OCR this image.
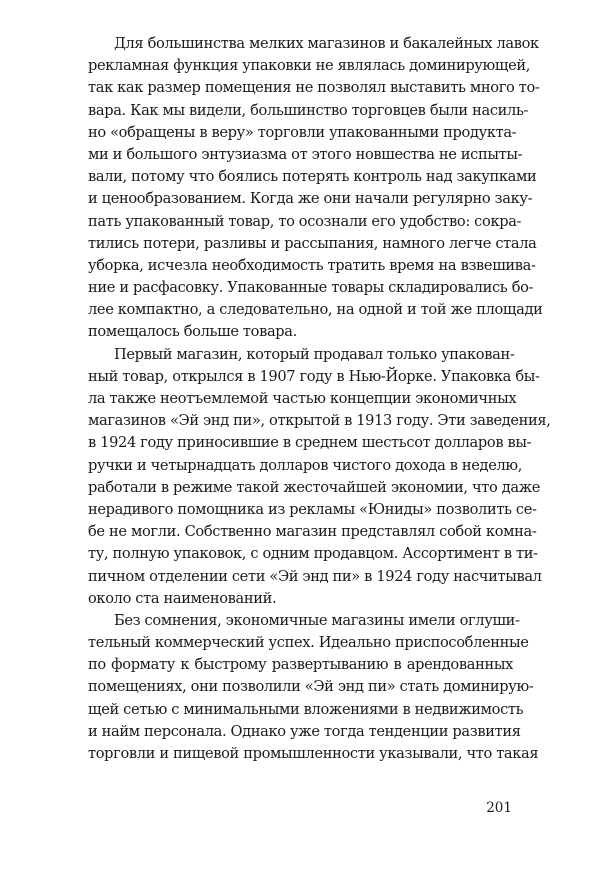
Для большинства мелких магазинов и бакалейных лавок
рекламная функция упаковки не являлась доминирующей,
так как размер помещения не позволял выставить много то-
вара. Как мы видели, большинство торговцев были насиль-
но «обращены в веру» торговли упакованными продукта-
ми и большого энтузиазма от этого новшества не испыты-
вали, потому что боялись потерять контроль над закупками
и ценообразованием. Когда же они начали регулярно заку-
пать упакованный товар, то осознали его удобство: сокра-
тились потери, разливы и рассыпания, намного легче стала
уборка, исчезла необходимость тратить время на взвешива-
ние и расфасовку. Упакованные товары складировались бо-
лее компактно, а следовательно, на одной и той же площади
помещалось больше товара.
Первый магазин, который продавал только упакован-
ный товар, открылся в 1907 году в Нью-Йорке. Упаковка бы-
ла также неотъемлемой частью концепции экономичных
магазинов «Эй энд пи», открытой в 1913 году. Эти заведения,
в 1924 году приносившие в среднем шестьсот долларов вы-
ручки и четырнадцать долларов чистого дохода в неделю,
работали в режиме такой жесточайшей экономии, что даже
нерадивого помощника из рекламы «Юниды» позволить се-
бе не могли. Собственно магазин представлял собой комна-
ту, полную упаковок, с одним продавцом. Ассортимент в ти-
пичном отделении сети «Эй энд пи» в 1924 году насчитывал
около ста наименований.
Без сомнения, экономичные магазины имели оглуши-
тельный коммерческий успех. Идеально приспособленные
по формату к быстрому развертыванию в арендованных
помещениях, они позволили «Эй энд пи» стать доминирую-
щей сетью с минимальными вложениями в недвижимость
и найм персонала. Однако уже тогда тенденции развития
торговли и пищевой промышленности указывали, что такая
201
